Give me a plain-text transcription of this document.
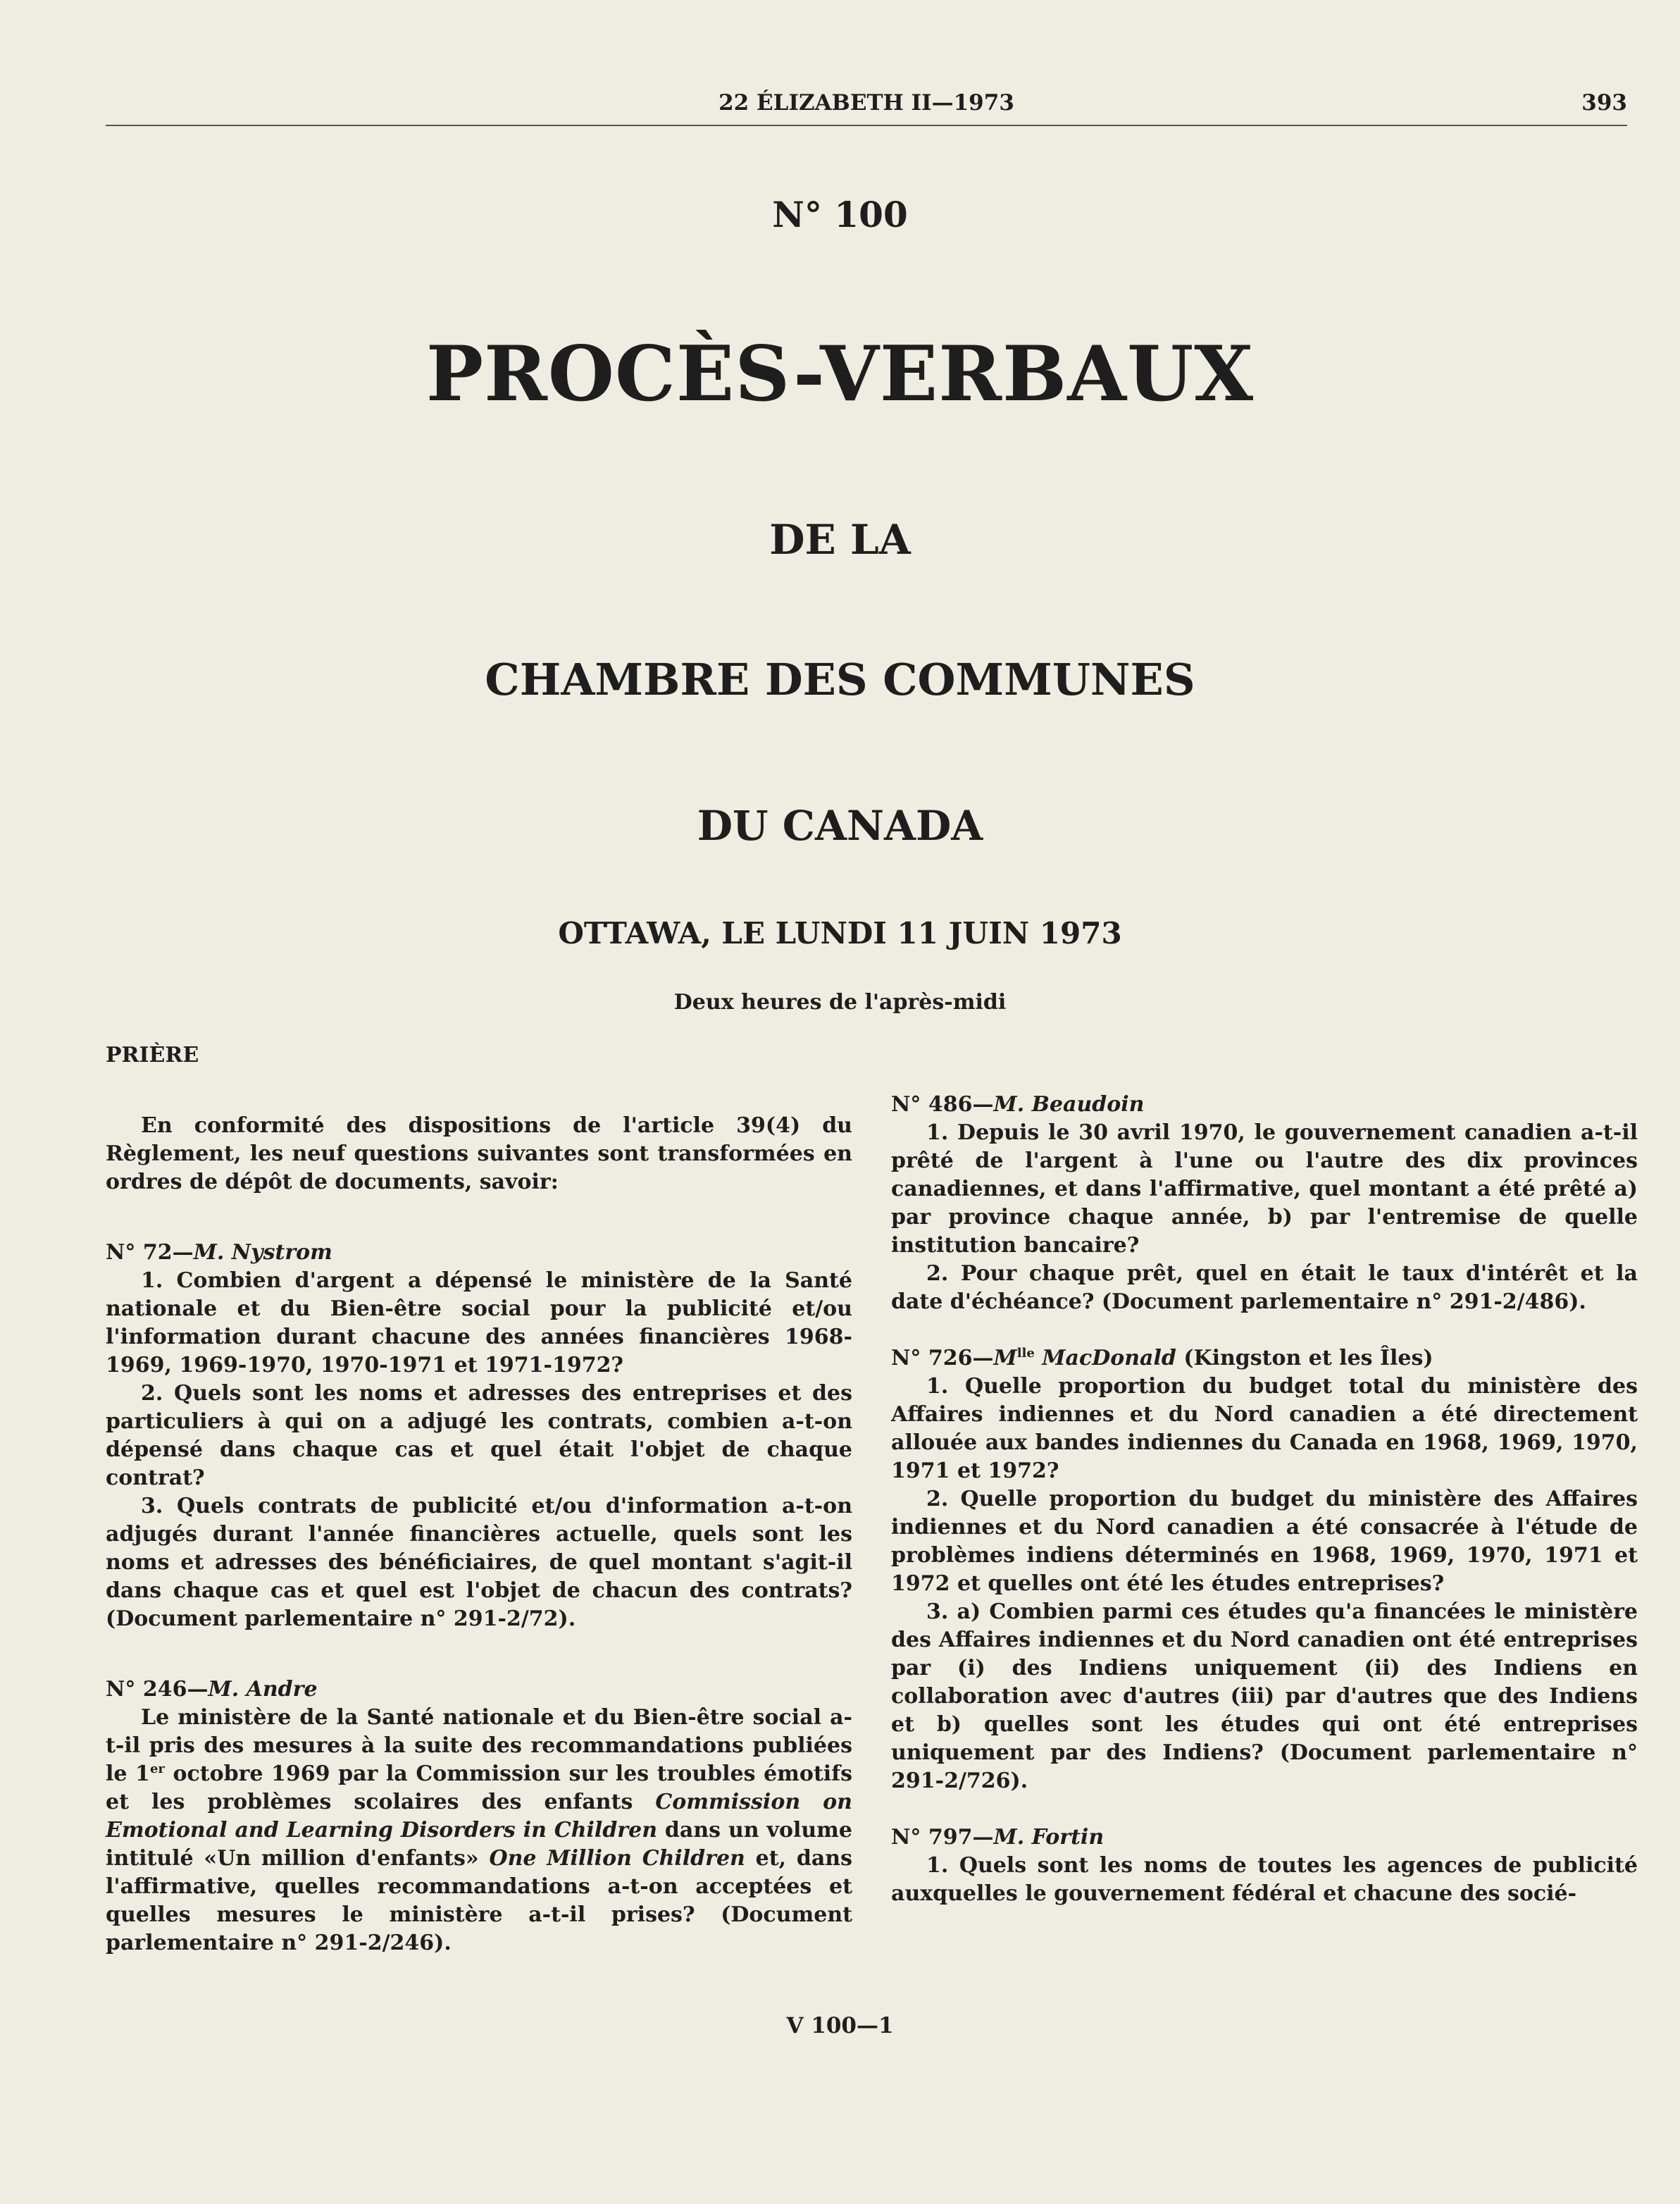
22 ÉLIZABETH II—1973	393
N° 100
PROCÈS-VERBAUX
DE LA
CHAMBRE DES COMMUNES
DU CANADA
OTTAWA, LE LUNDI 11 JUIN 1973
Deux heures de l'après-midi

PRIÈRE

En conformité des dispositions de l'article 39(4) du Règlement, les neuf questions suivantes sont transformées en ordres de dépôt de documents, savoir:

N° 72—M. Nystrom

1. Combien d'argent a dépensé le ministère de la Santé nationale et du Bien-être social pour la publicité et/ou l'information durant chacune des années financières 1968-1969, 1969-1970, 1970-1971 et 1971-1972?

2. Quels sont les noms et adresses des entreprises et des particuliers à qui on a adjugé les contrats, combien a-t-on dépensé dans chaque cas et quel était l'objet de chaque contrat?

3. Quels contrats de publicité et/ou d'information a-t-on adjugés durant l'année financières actuelle, quels sont les noms et adresses des bénéficiaires, de quel montant s'agit-il dans chaque cas et quel est l'objet de chacun des contrats? (Document parlementaire n° 291-2/72).

N° 246—M. Andre

Le ministère de la Santé nationale et du Bien-être social a-t-il pris des mesures à la suite des recommandations publiées le 1er octobre 1969 par la Commission sur les troubles émotifs et les problèmes scolaires des enfants Commission on Emotional and Learning Disorders in Children dans un volume intitulé «Un million d'enfants» One Million Children et, dans l'affirmative, quelles recommandations a-t-on acceptées et quelles mesures le ministère a-t-il prises? (Document parlementaire n° 291-2/246).

N° 486—M. Beaudoin

1. Depuis le 30 avril 1970, le gouvernement canadien a-t-il prêté de l'argent à l'une ou l'autre des dix provinces canadiennes, et dans l'affirmative, quel montant a été prêté a) par province chaque année, b) par l'entremise de quelle institution bancaire?

2. Pour chaque prêt, quel en était le taux d'intérêt et la date d'échéance? (Document parlementaire n° 291-2/486).

N° $726—M^{lle}$ MacDonald (Kingston et les Îles)

1. Quelle proportion du budget total du ministère des Affaires indiennes et du Nord canadien a été directement allouée aux bandes indiennes du Canada en 1968, 1969, 1970, 1971 et 1972?

2. Quelle proportion du budget du ministère des Affaires indiennes et du Nord canadien a été consacrée à l'étude de problèmes indiens déterminés en 1968, 1969, 1970, 1971 et 1972 et quelles ont été les études entreprises?

3. a) Combien parmi ces études qu'a financées le ministère des Affaires indiennes et du Nord canadien ont été entreprises par (i) des Indiens uniquement (ii) des Indiens en collaboration avec d'autres (iii) par d'autres que des Indiens et b) quelles sont les études qui ont été entreprises uniquement par des Indiens? (Document parlementaire n° 291-2/726).

N° 797—M. Fortin

1. Quels sont les noms de toutes les agences de publicité auxquelles le gouvernement fédéral et chacune des socié-

V 100—1
